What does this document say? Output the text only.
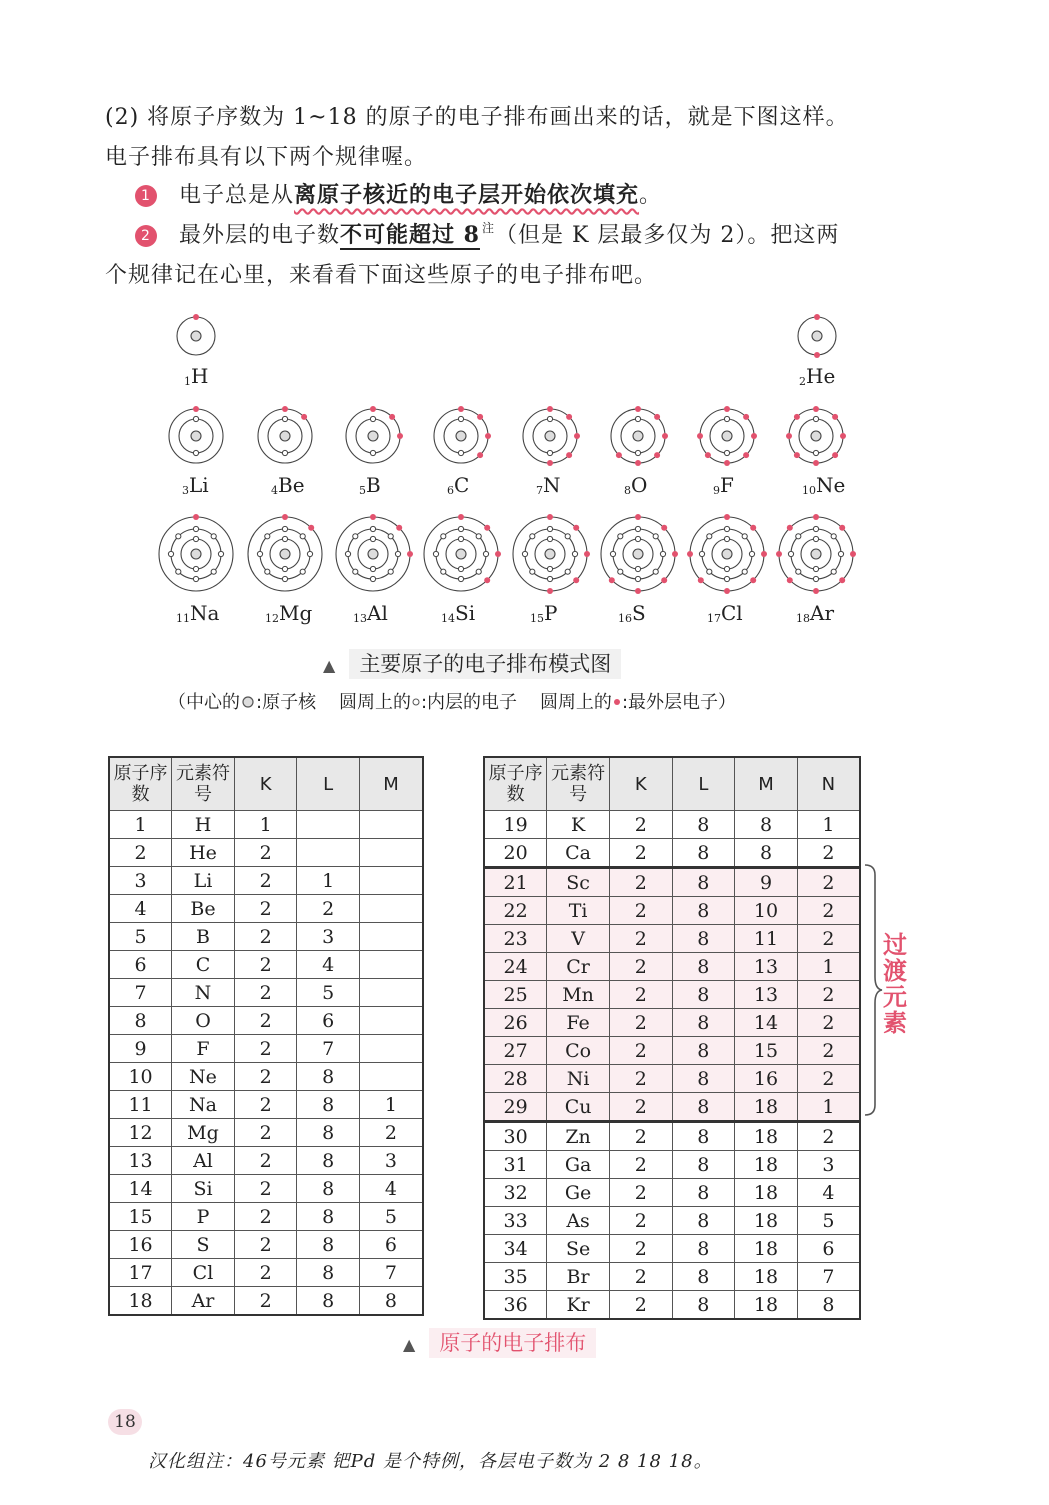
(2) 将原子序数为 1~18 的原子的电子排布画出来的话，就是下图这样。

电子排布具有以下两个规律喔。

1 电子总是从离原子核近的电子层开始依次填充。
2 最外层的电子数不可能超过 8 $^注$（但是 K 层最多仅为 2）。把这两
个规律记在心里，来看看下面这些原子的电子排布吧。
$_1$H	$_2$He
$_3$Li	$_4$Be	$_5$B	$_6$C	$_7$N	$_8$O	$_9$F	$_{10}$Ne
$_{11}$Na	$_{12}$Mg	$_{13}$Al	$_{14}$Si	$_{15}$P	$_{16}$S	$_{17}$Cl	$_{18}$Ar
▲ 主要原子的电子排布模式图
（中心的 :原子核 圆周上的 :内层的电子 圆周上的 :最外层电子）
原子序数	元素符号	K	L	M
1	H	1		
2	He	2		
3	Li	2	1	
4	Be	2	2	
5	B	2	3	
6	C	2	4	
7	N	2	5	
8	O	2	6	
9	F	2	7	
10	Ne	2	8	
11	Na	2	8	1
12	Mg	2	8	2
13	Al	2	8	3
14	Si	2	8	4
15	P	2	8	5
16	S	2	8	6
17	Cl	2	8	7
18	Ar	2	8	8
原子序数	元素符号	K	L	M	N
19	K	2	8	8	1
20	Ca	2	8	8	2
21	Sc	2	8	9	2
22	Ti	2	8	10	2
23	V	2	8	11	2
24	Cr	2	8	13	1
25	Mn	2	8	13	2
26	Fe	2	8	14	2
27	Co	2	8	15	2
28	Ni	2	8	16	2
29	Cu	2	8	18	1
30	Zn	2	8	18	2
31	Ga	2	8	18	3
32	Ge	2	8	18	4
33	As	2	8	18	5
34	Se	2	8	18	6
35	Br	2	8	18	7
36	Kr	2	8	18	8
过渡元素
▲ 原子的电子排布
18
汉化组注：46号元素 钯Pd 是个特例，各层电子数为 2 8 18 18。
